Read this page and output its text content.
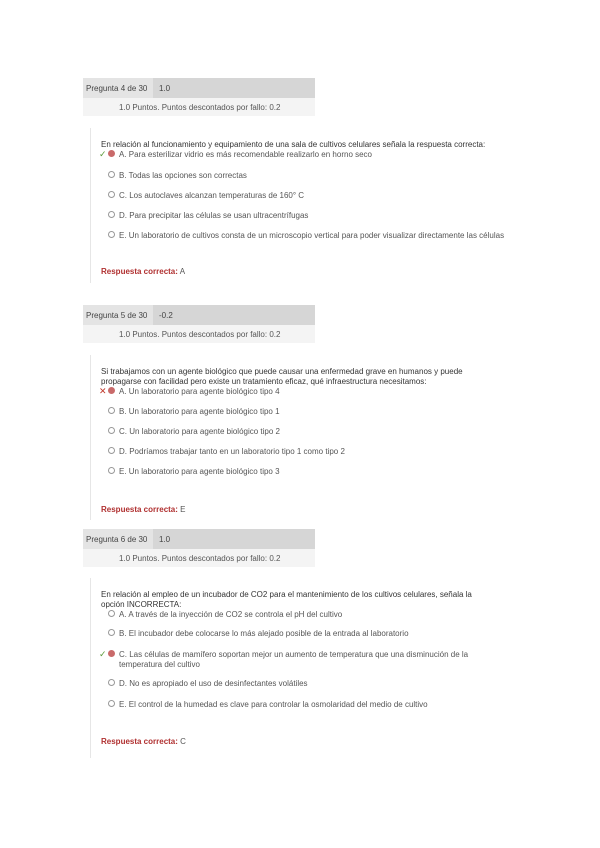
Pregunta 4 de 30	1.0
1.0 Puntos. Puntos descontados por fallo: 0.2

En relación al funcionamiento y equipamiento de una sala de cultivos celulares señala la respuesta correcta:

✓ A. Para esterilizar vidrio es más recomendable realizarlo en horno seco
B. Todas las opciones son correctas
C. Los autoclaves alcanzan temperaturas de 160° C
D. Para precipitar las células se usan ultracentrífugas
E. Un laboratorio de cultivos consta de un microscopio vertical para poder visualizar directamente las células
Respuesta correcta: A
Pregunta 5 de 30	-0.2
1.0 Puntos. Puntos descontados por fallo: 0.2

Si trabajamos con un agente biológico que puede causar una enfermedad grave en humanos y puede propagarse con facilidad pero existe un tratamiento eficaz, qué infraestructura necesitamos:

✕ A. Un laboratorio para agente biológico tipo 4
B. Un laboratorio para agente biológico tipo 1
C. Un laboratorio para agente biológico tipo 2
D. Podríamos trabajar tanto en un laboratorio tipo 1 como tipo 2
E. Un laboratorio para agente biológico tipo 3
Respuesta correcta: E
Pregunta 6 de 30	1.0
1.0 Puntos. Puntos descontados por fallo: 0.2

En relación al empleo de un incubador de CO2 para el mantenimiento de los cultivos celulares, señala la opción INCORRECTA:

A. A través de la inyección de CO2 se controla el pH del cultivo
B. El incubador debe colocarse lo más alejado posible de la entrada al laboratorio
✓ C. Las células de mamífero soportan mejor un aumento de temperatura que una disminución de la temperatura del cultivo
D. No es apropiado el uso de desinfectantes volátiles
E. El control de la humedad es clave para controlar la osmolaridad del medio de cultivo
Respuesta correcta: C
